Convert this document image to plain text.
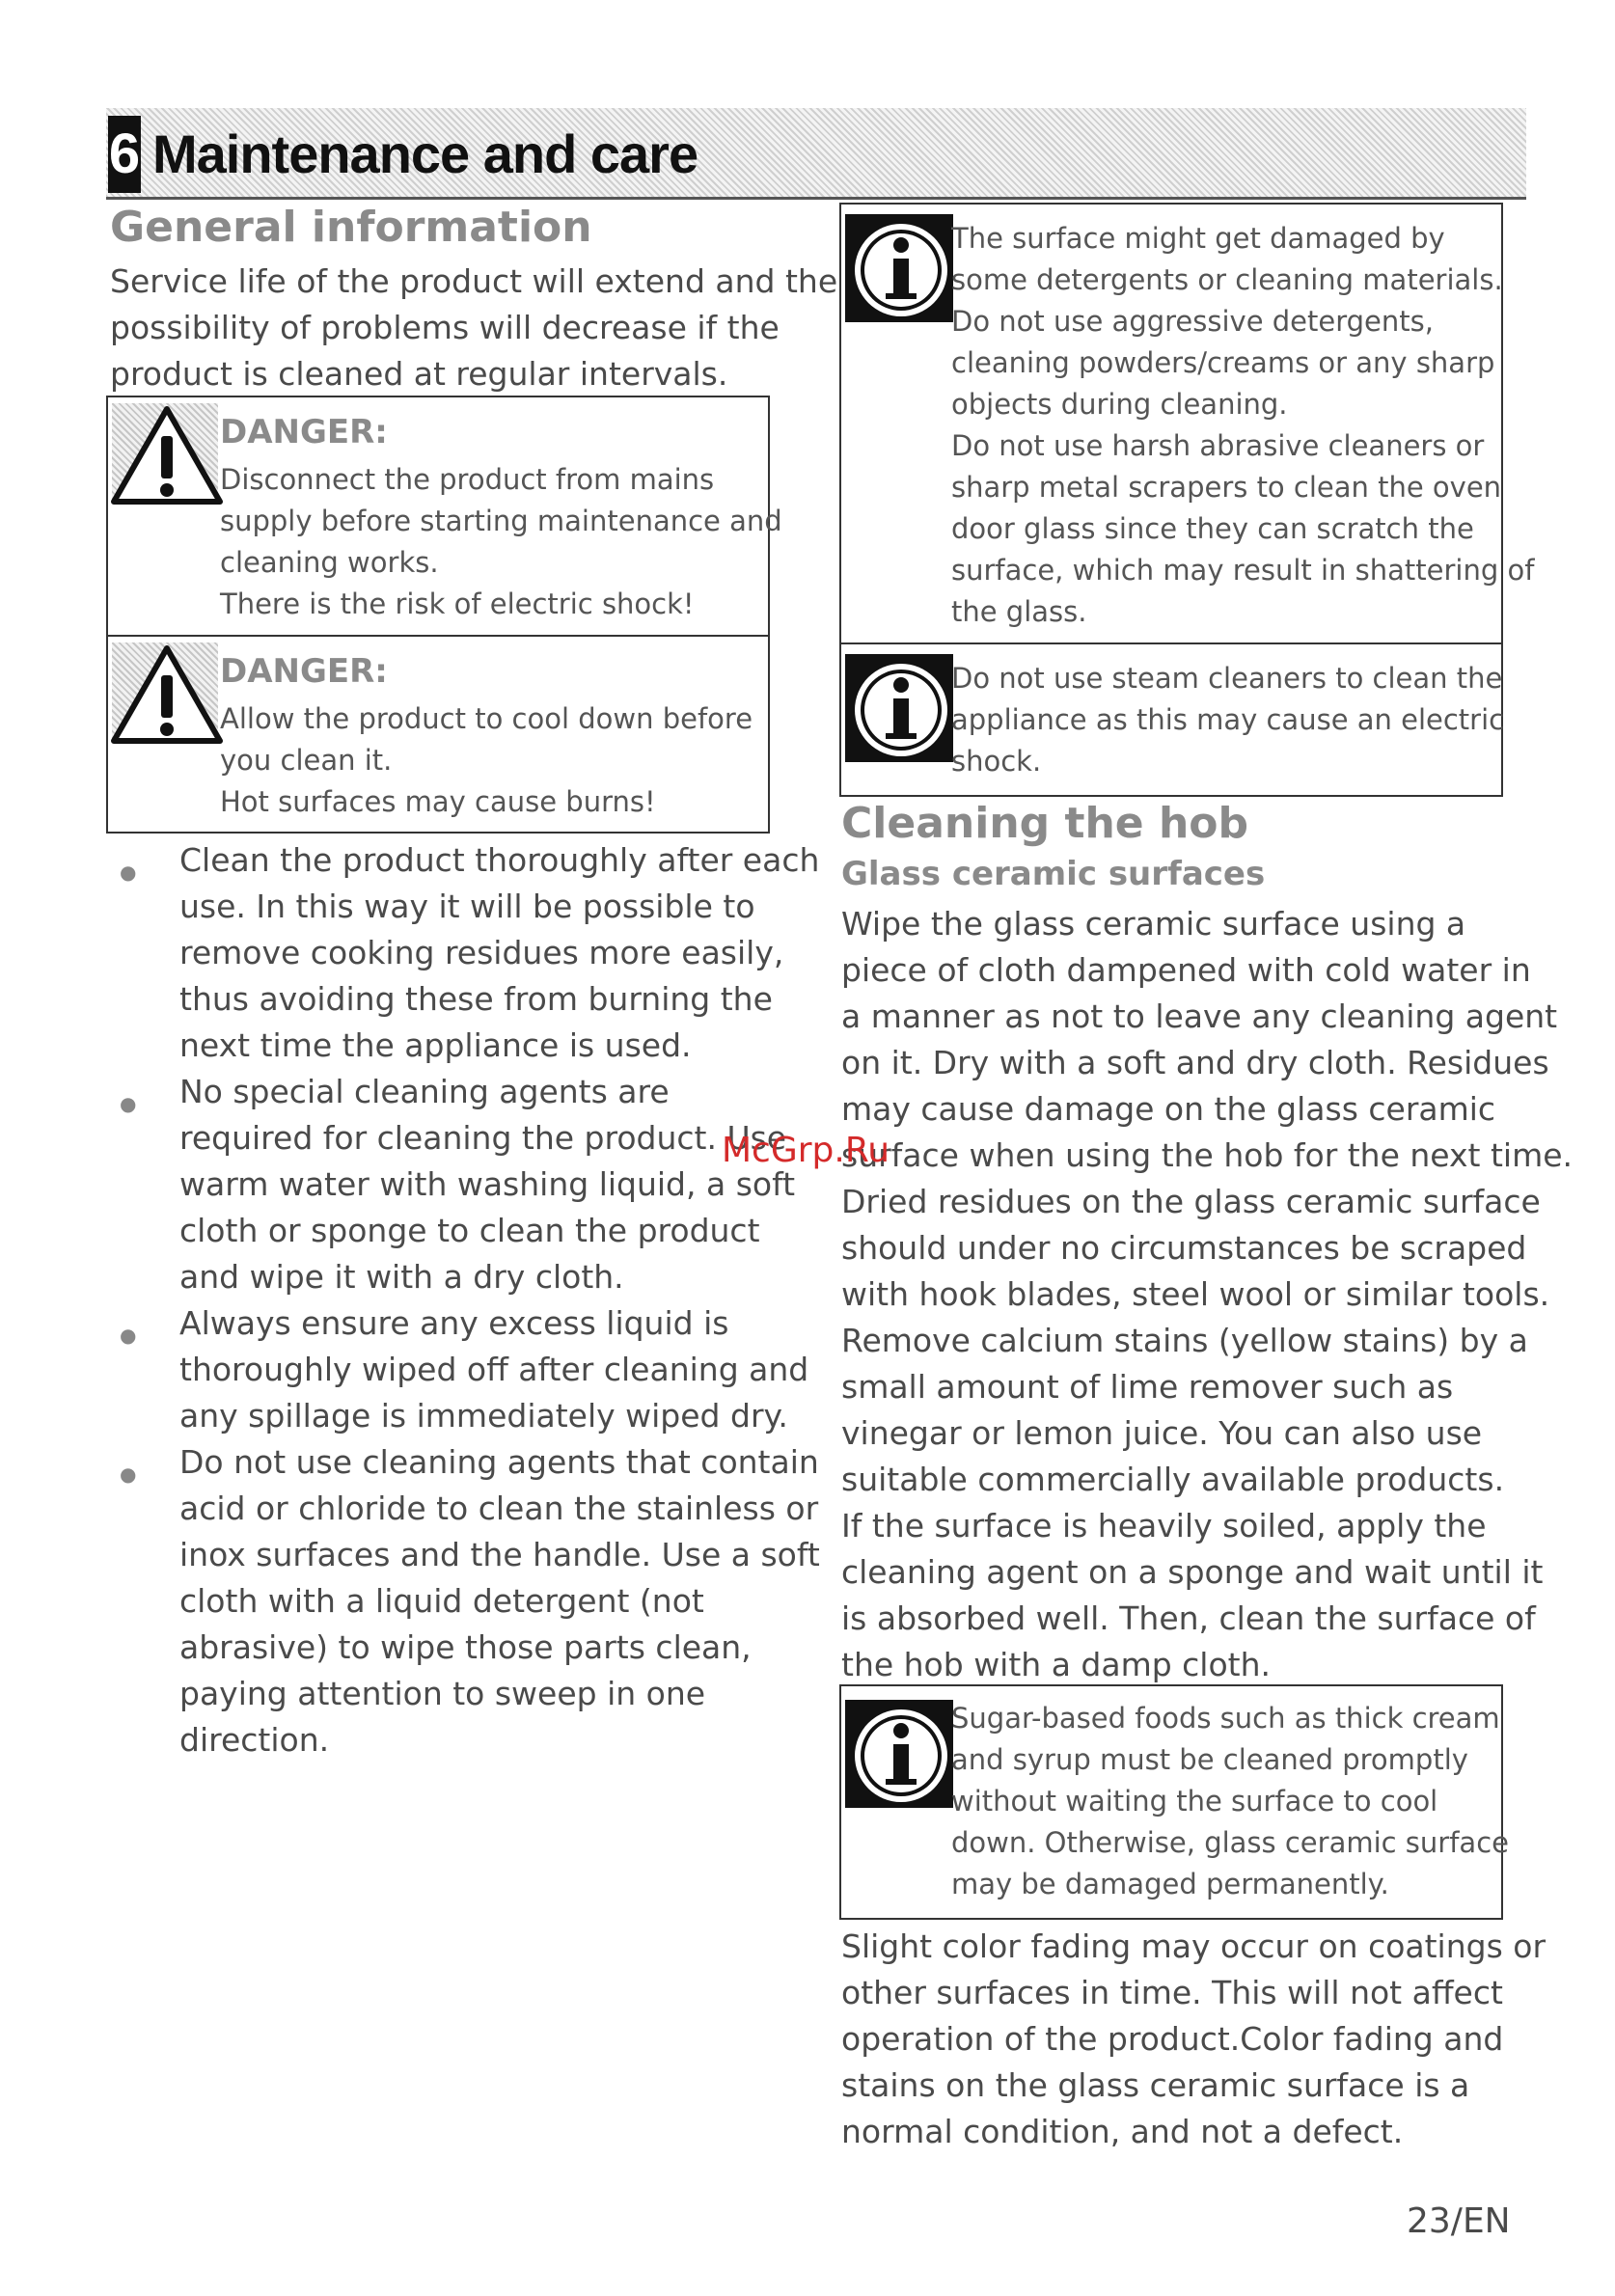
6 Maintenance and care
General information
Service life of the product will extend and the
possibility of problems will decrease if the
product is cleaned at regular intervals.
DANGER:
Disconnect the product from mains
supply before starting maintenance and
cleaning works.
There is the risk of electric shock!
DANGER:
Allow the product to cool down before
you clean it.
Hot surfaces may cause burns!
● Clean the product thoroughly after each
use. In this way it will be possible to
remove cooking residues more easily,
thus avoiding these from burning the
next time the appliance is used.
● No special cleaning agents are
required for cleaning the product. Use
warm water with washing liquid, a soft
cloth or sponge to clean the product
and wipe it with a dry cloth.
● Always ensure any excess liquid is
thoroughly wiped off after cleaning and
any spillage is immediately wiped dry.
● Do not use cleaning agents that contain
acid or chloride to clean the stainless or
inox surfaces and the handle. Use a soft
cloth with a liquid detergent (not
abrasive) to wipe those parts clean,
paying attention to sweep in one
direction.
The surface might get damaged by
some detergents or cleaning materials.
Do not use aggressive detergents,
cleaning powders/creams or any sharp
objects during cleaning.
Do not use harsh abrasive cleaners or
sharp metal scrapers to clean the oven
door glass since they can scratch the
surface, which may result in shattering of
the glass.
Do not use steam cleaners to clean the
appliance as this may cause an electric
shock.
Cleaning the hob
Glass ceramic surfaces
Wipe the glass ceramic surface using a
piece of cloth dampened with cold water in
a manner as not to leave any cleaning agent
on it. Dry with a soft and dry cloth. Residues
may cause damage on the glass ceramic
surface when using the hob for the next time.
Dried residues on the glass ceramic surface
should under no circumstances be scraped
with hook blades, steel wool or similar tools.
Remove calcium stains (yellow stains) by a
small amount of lime remover such as
vinegar or lemon juice. You can also use
suitable commercially available products.
If the surface is heavily soiled, apply the
cleaning agent on a sponge and wait until it
is absorbed well. Then, clean the surface of
the hob with a damp cloth.
Sugar-based foods such as thick cream
and syrup must be cleaned promptly
without waiting the surface to cool
down. Otherwise, glass ceramic surface
may be damaged permanently.
Slight color fading may occur on coatings or
other surfaces in time. This will not affect
operation of the product.Color fading and
stains on the glass ceramic surface is a
normal condition, and not a defect.
McGrp.Ru
23/EN
